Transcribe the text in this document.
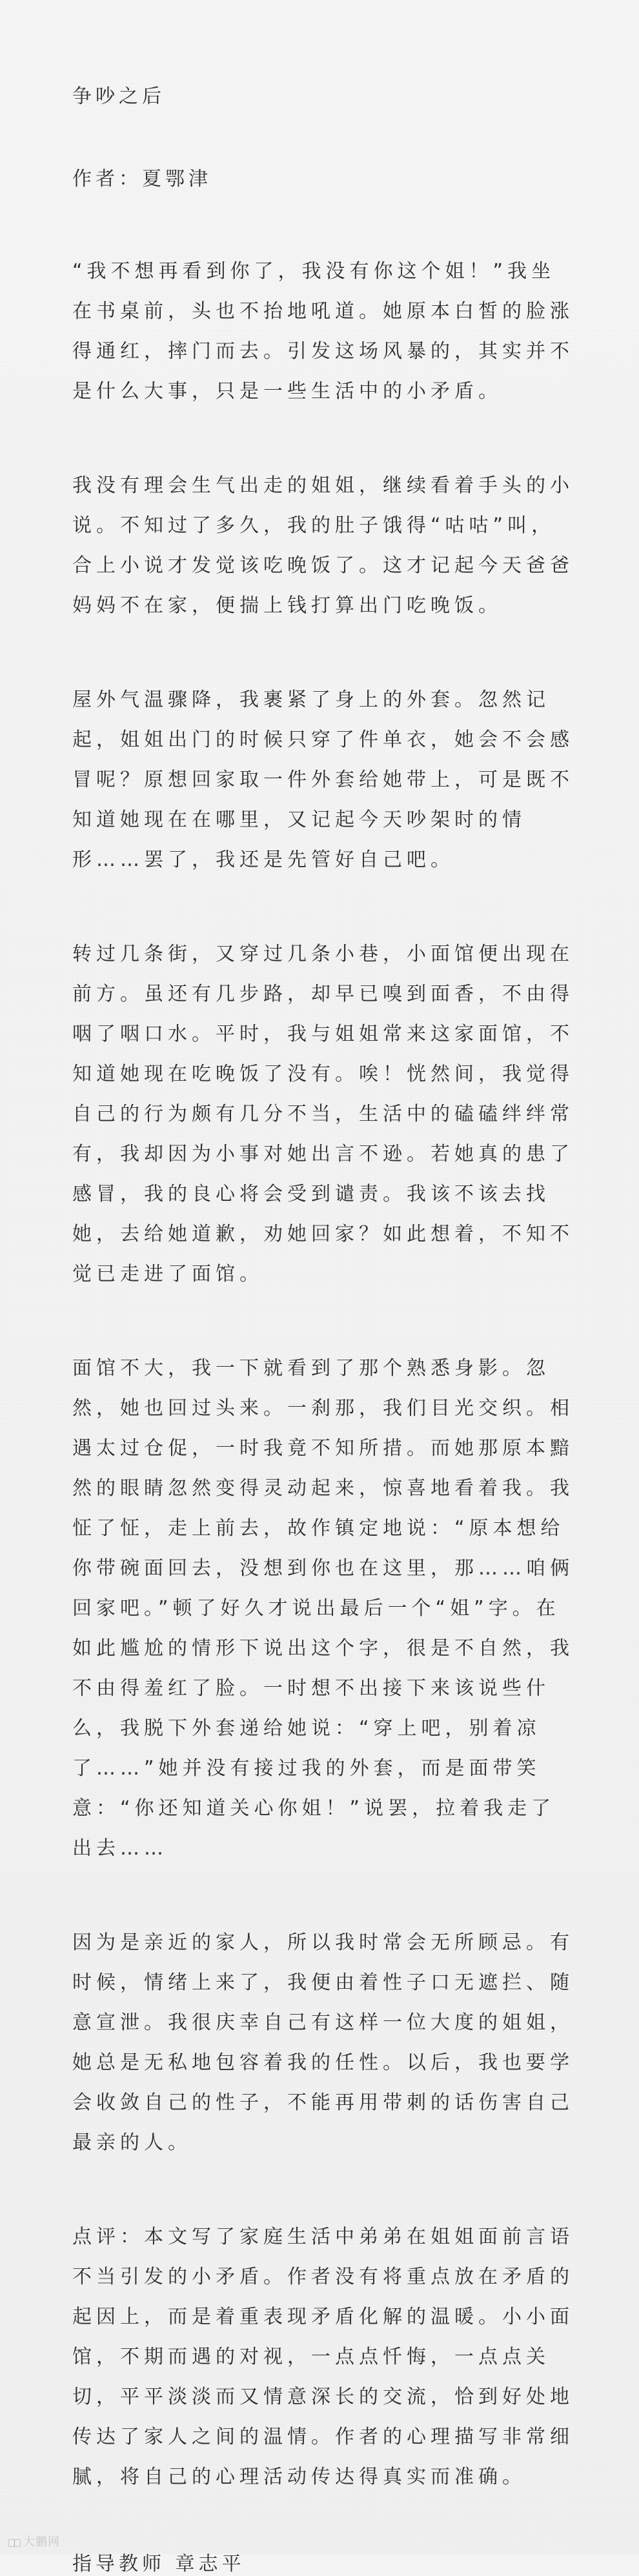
争吵之后
作者：夏鄂津
“我不想再看到你了，我没有你这个姐！”我坐在书桌前，头也不抬地吼道。她原本白皙的脸涨得通红，摔门而去。引发这场风暴的，其实并不是什么大事，只是一些生活中的小矛盾。
我没有理会生气出走的姐姐，继续看着手头的小说。不知过了多久，我的肚子饿得“咕咕”叫，合上小说才发觉该吃晚饭了。这才记起今天爸爸妈妈不在家，便揣上钱打算出门吃晚饭。
屋外气温骤降，我裹紧了身上的外套。忽然记起，姐姐出门的时候只穿了件单衣，她会不会感冒呢？原想回家取一件外套给她带上，可是既不知道她现在在哪里，又记起今天吵架时的情形……罢了，我还是先管好自己吧。
转过几条街，又穿过几条小巷，小面馆便出现在前方。虽还有几步路，却早已嗅到面香，不由得咽了咽口水。平时，我与姐姐常来这家面馆，不知道她现在吃晚饭了没有。唉！恍然间，我觉得自己的行为颇有几分不当，生活中的磕磕绊绊常有，我却因为小事对她出言不逊。若她真的患了感冒，我的良心将会受到谴责。我该不该去找她，去给她道歉，劝她回家？如此想着，不知不觉已走进了面馆。
面馆不大，我一下就看到了那个熟悉身影。忽然，她也回过头来。一刹那，我们目光交织。相遇太过仓促，一时我竟不知所措。而她那原本黯然的眼睛忽然变得灵动起来，惊喜地看着我。我怔了怔，走上前去，故作镇定地说：“原本想给你带碗面回去，没想到你也在这里，那……咱俩回家吧。”顿了好久才说出最后一个“姐”字。在如此尴尬的情形下说出这个字，很是不自然，我不由得羞红了脸。一时想不出接下来该说些什么，我脱下外套递给她说：“穿上吧，别着凉了……”她并没有接过我的外套，而是面带笑意：“你还知道关心你姐！”说罢，拉着我走了出去……
因为是亲近的家人，所以我时常会无所顾忌。有时候，情绪上来了，我便由着性子口无遮拦、随意宣泄。我很庆幸自己有这样一位大度的姐姐，她总是无私地包容着我的任性。以后，我也要学会收敛自己的性子，不能再用带刺的话伤害自己最亲的人。
点评：本文写了家庭生活中弟弟在姐姐面前言语不当引发的小矛盾。作者没有将重点放在矛盾的起因上，而是着重表现矛盾化解的温暖。小小面馆，不期而遇的对视，一点点忏悔，一点点关切，平平淡淡而又情意深长的交流，恰到好处地传达了家人之间的温情。作者的心理描写非常细腻，将自己的心理活动传达得真实而准确。
指导教师 章志平
大鹏网
